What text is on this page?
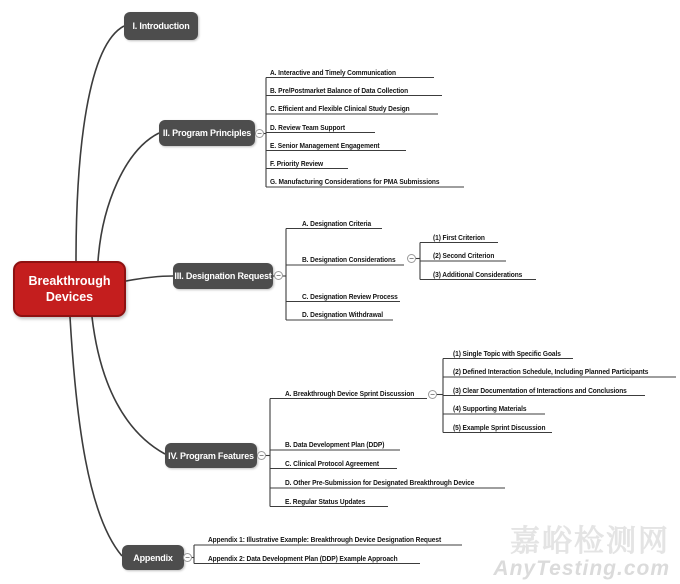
Breakthrough Devices
I. Introduction
II. Program Principles
III. Designation Request
IV. Program Features
Appendix
A. Interactive and Timely Communication
B. Pre/Postmarket Balance of Data Collection
C. Efficient and Flexible Clinical Study Design
D. Review Team Support
E. Senior Management Engagement
F. Priority Review
G. Manufacturing Considerations for PMA Submissions
A. Designation Criteria
B. Designation Considerations
C. Designation Review Process
D. Designation Withdrawal
(1) First Criterion
(2) Second Criterion
(3) Additional Considerations
A. Breakthrough Device Sprint Discussion
B. Data Development Plan (DDP)
C. Clinical Protocol Agreement
D. Other Pre-Submission for Designated Breakthrough Device
E. Regular Status Updates
(1) Single Topic with Specific Goals
(2) Defined Interaction Schedule, Including Planned Participants
(3) Clear Documentation of Interactions and Conclusions
(4) Supporting Materials
(5) Example Sprint Discussion
Appendix 1: Illustrative Example: Breakthrough Device Designation Request
Appendix 2: Data Development Plan (DDP) Example Approach
−
−
−
−
−
−	嘉峪检测网
AnyTesting.com
